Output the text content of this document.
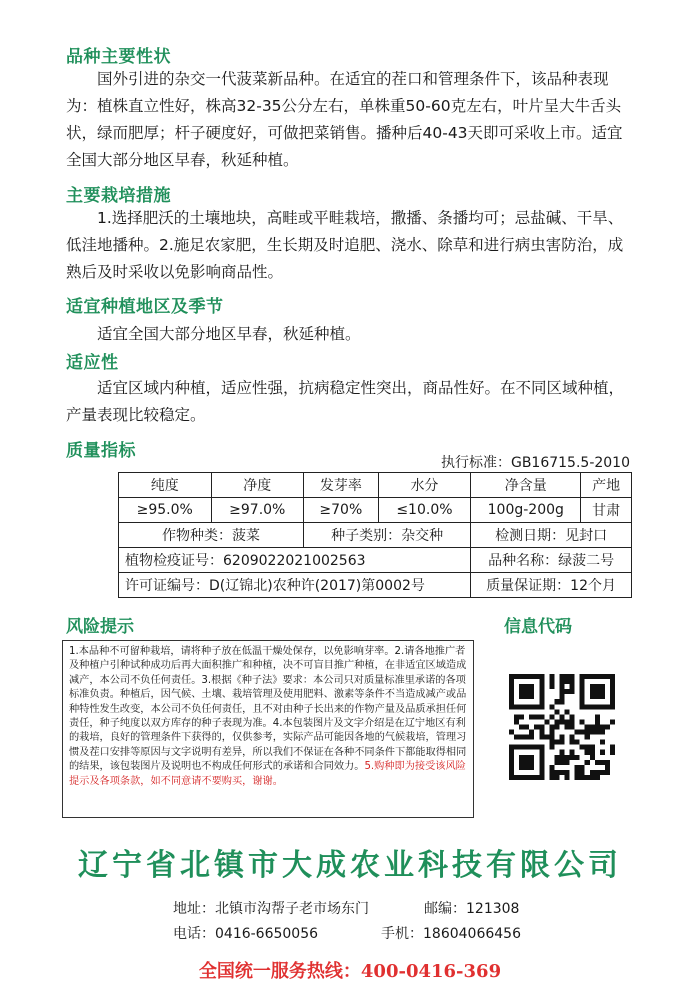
品种主要性状

国外引进的杂交一代菠菜新品种。在适宜的茬口和管理条件下，该品种表现为：植株直立性好，株高32-35公分左右，单株重50-60克左右，叶片呈大牛舌头状，绿而肥厚；杆子硬度好，可做把菜销售。播种后40-43天即可采收上市。适宜全国大部分地区早春，秋延种植。

主要栽培措施

1.选择肥沃的土壤地块，高畦或平畦栽培，撒播、条播均可；忌盐碱、干旱、低洼地播种。2.施足农家肥，生长期及时追肥、浇水、除草和进行病虫害防治，成熟后及时采收以免影响商品性。

适宜种植地区及季节

适宜全国大部分地区早春，秋延种植。

适应性

适宜区域内种植，适应性强，抗病稳定性突出，商品性好。在不同区域种植，产量表现比较稳定。

质量指标
执行标准：GB16715.5-2010
纯度	净度	发芽率	水分	净含量	产地
≥95.0%	≥97.0%	≥70%	≤10.0%	100g-200g	甘肃
作物种类：菠菜		种子类别：杂交种		检测日期：见封口	
植物检疫证号：6209022021002563				品种名称：绿菠二号	
许可证编号：D(辽锦北)农种许(2017)第0002号				质量保证期：12个月	
风险提示	信息代码
1.本品种不可留种栽培，请将种子放在低温干燥处保存，以免影响芽率。2.请各地推广者及种植户引种试种成功后再大面积推广和种植，决不可盲目推广种植，在非适宜区域造成减产，本公司不负任何责任。3.根据《种子法》要求：本公司只对质量标准里承诺的各项标准负责。种植后，因气候、土壤、栽培管理及使用肥料、激素等条件不当造成减产或品种特性发生改变，本公司不负任何责任，且不对由种子长出来的作物产量及品质承担任何责任，种子纯度以双方库存的种子表现为准。4.本包装图片及文字介绍是在辽宁地区有利的栽培，良好的管理条件下获得的，仅供参考，实际产品可能因各地的气候栽培，管理习惯及茬口安排等原因与文字说明有差异，所以我们不保证在各种不同条件下都能取得相同的结果，该包装图片及说明也不构成任何形式的承诺和合同效力。5.购种即为接受该风险提示及各项条款，如不同意请不要购买，谢谢。
辽宁省北镇市大成农业科技有限公司
地址：北镇市沟帮子老市场东门	邮编：121308
电话：0416-6650056	手机：18604066456
全国统一服务热线：400-0416-369
